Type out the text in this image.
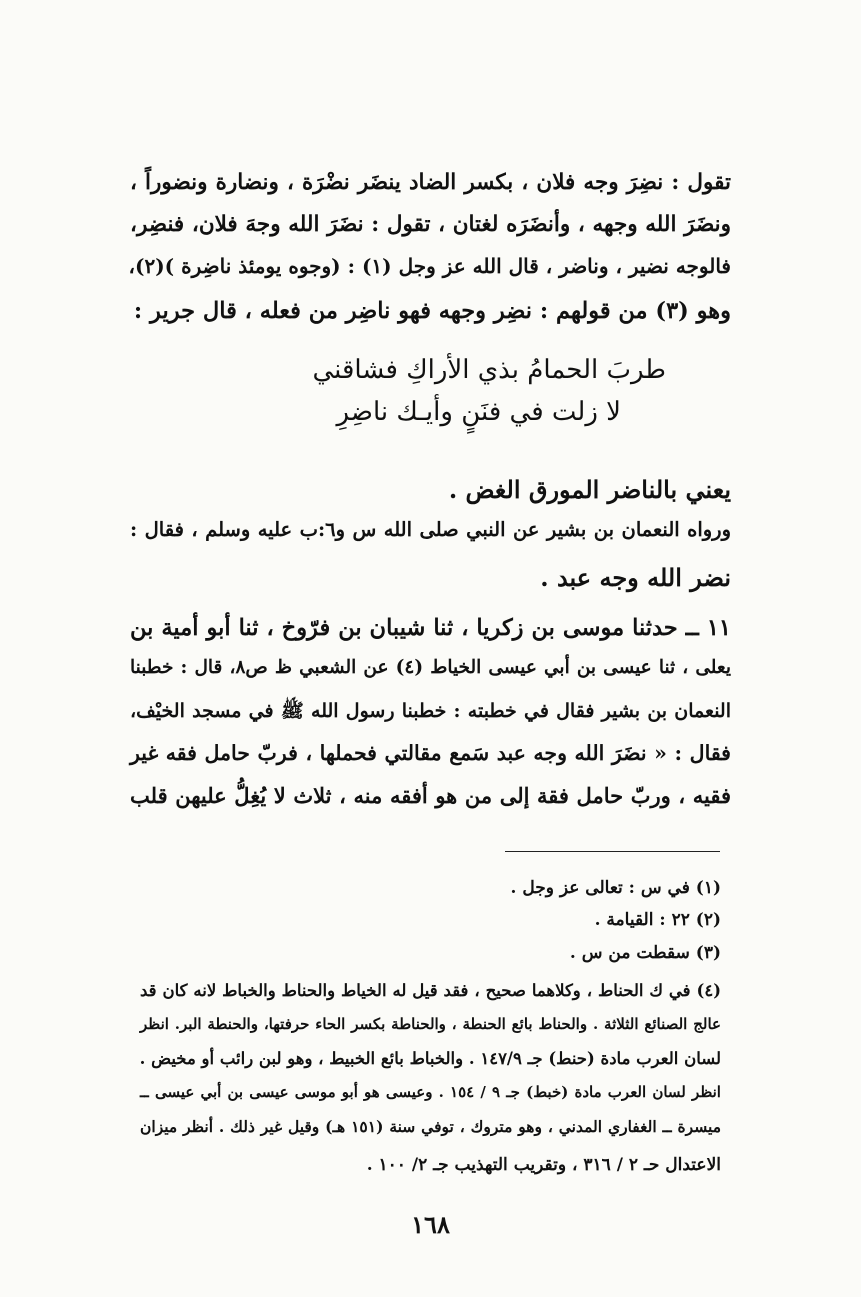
تقول : نضِرَ وجه فلان ، بكسر الضاد ينضَر نضْرَة ، ونضارة ونضوراً ،
ونضَرَ الله وجهه ، وأنضَرَه لغتان ، تقول : نضَرَ الله وجهَ فلان، فنضِر،
فالوجه نضير ، وناضر ، قال الله عز وجل (١) : (وجوه يومئذ ناضِرة )(٢)،
وهو (٣) من قولهم : نضِر وجهه فهو ناضِر من فعله ، قال جرير :
طربَ الحمامُ بذي الأراكِ فشاقني
لا زلت في فنَنٍ وأيـك ناضِرِ
يعني بالناضر المورق الغض .
ورواه النعمان بن بشير عن النبي صلى الله س و٦:ب عليه وسلم ، فقال :
نضر الله وجه عبد .
١١ ــ حدثنا موسى بن زكريا ، ثنا شيبان بن فرّوخ ، ثنا أبو أمية بن
يعلى ، ثنا عيسى بن أبي عيسى الخياط (٤) عن الشعبي ظ ص٨، قال : خطبنا
النعمان بن بشير فقال في خطبته : خطبنا رسول الله ﷺ في مسجد الخيْف،
فقال : « نضَرَ الله وجه عبد سَمع مقالتي فحملها ، فربّ حامل فقه غير
فقيه ، وربّ حامل فقة إلى من هو أفقه منه ، ثلاث لا يُغِلُّ عليهن قلب
(١) في س : تعالى عز وجل .
(٢) ٢٢ : القيامة .
(٣) سقطت من س .
(٤) في ك الحناط ، وكلاهما صحيح ، فقد قيل له الخياط والحناط والخباط لانه كان قد
عالج الصنائع الثلاثة . والحناط بائع الحنطة ، والحناطة بكسر الحاء حرفتها، والحنطة البر. انظر
لسان العرب مادة (حنط) جـ ١٤٧/٩ . والخباط بائع الخبيط ، وهو لبن رائب أو مخيض .
انظر لسان العرب مادة (خبط) جـ ٩ / ١٥٤ . وعيسى هو أبو موسى عيسى بن أبي عيسى ــ
ميسرة ــ الغفاري المدني ، وهو متروك ، توفي سنة (١٥١ هـ) وقيل غير ذلك . أنظر ميزان
الاعتدال حـ ٢ / ٣١٦ ، وتقريب التهذيب جـ ٢/ ١٠٠ .
١٦٨
